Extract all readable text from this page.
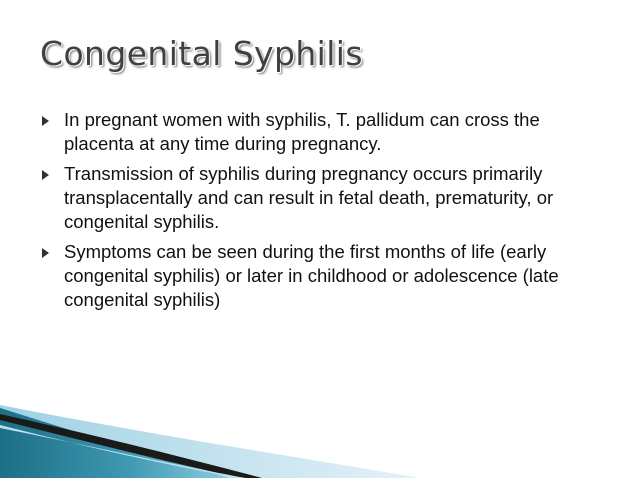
Congenital Syphilis
In pregnant women with syphilis, T. pallidum can cross the placenta at any time during pregnancy.
Transmission of syphilis during pregnancy occurs primarily transplacentally and can result in fetal death, prematurity, or congenital syphilis.
Symptoms can be seen during the first months of life (early congenital syphilis) or later in childhood or adolescence (late congenital syphilis)
